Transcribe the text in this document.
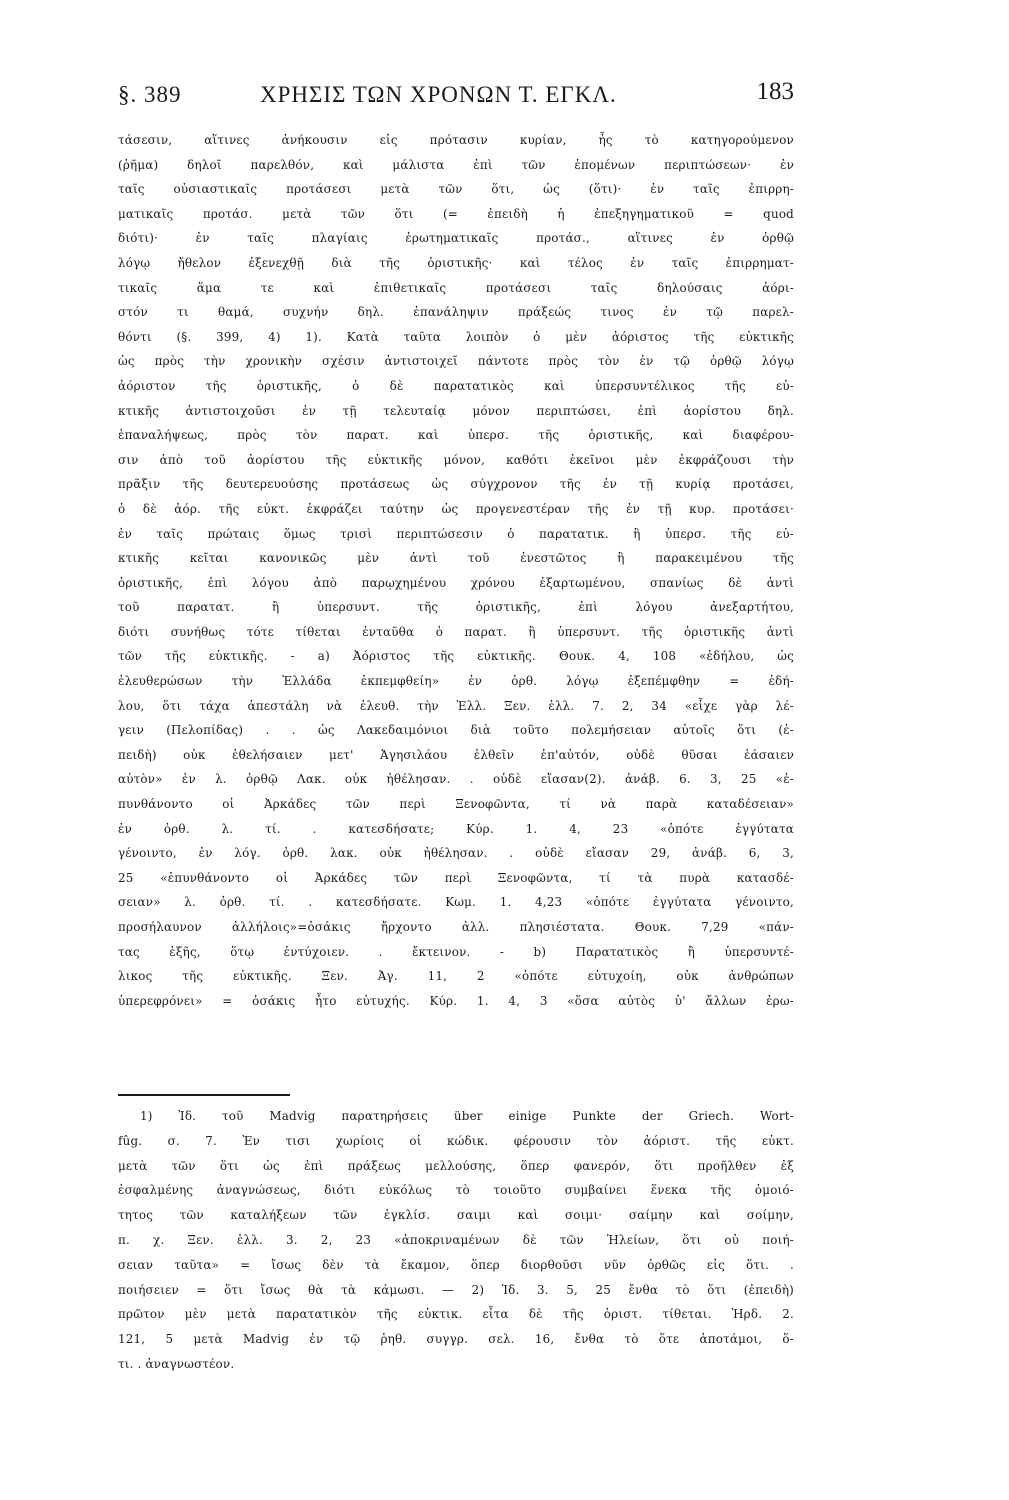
§. 389	ΧΡΗΣΙΣ ΤΩΝ ΧΡΟΝΩΝ Τ. ΕΓΚΛ.	183
τάσεσιν, αἵτινες ἀνήκουσιν εἰς πρότασιν κυρίαν, ἧς τὸ κατηγορούμενον
(ῥῆμα) δηλοῖ παρελθόν, καὶ μάλιστα ἐπὶ τῶν ἑπομένων περιπτώσεων· ἐν
ταῖς οὐσιαστικαῖς προτάσεσι μετὰ τῶν ὅτι, ὡς (ὅτι)· ἐν ταῖς ἐπιρρη-
ματικαῖς προτάσ. μετὰ τῶν ὅτι (= ἐπειδὴ ἡ ἐπεξηγηματικοῦ = quod
διότι)· ἐν ταῖς πλαγίαις ἐρωτηματικαῖς προτάσ., αἵτινες ἐν ὀρθῷ
λόγῳ ἤθελον ἐξενεχθῇ διὰ τῆς ὁριστικῆς· καὶ τέλος ἐν ταῖς ἐπιρρηματ-
τικαῖς ἅμα τε καὶ ἐπιθετικαῖς προτάσεσι ταῖς δηλούσαις ἀόρι-
στόν τι θαμά, συχνήν δηλ. ἐπανάληψιν πράξεώς τινος ἐν τῷ παρελ-
θόντι (§. 399, 4) 1). Κατὰ ταῦτα λοιπὸν ὁ μὲν ἀόριστος τῆς εὐκτικῆς
ὡς πρὸς τὴν χρονικὴν σχέσιν ἀντιστοιχεῖ πάντοτε πρὸς τὸν ἐν τῷ ὀρθῷ λόγῳ
ἀόριστον τῆς ὁριστικῆς, ὁ δὲ παρατατικὸς καὶ ὑπερσυντέλικος τῆς εὐ-
κτικῆς ἀντιστοιχοῦσι ἐν τῇ τελευταίᾳ μόνον περιπτώσει, ἐπὶ ἀορίστου δηλ.
ἐπαναλήψεως, πρὸς τὸν παρατ. καὶ ὑπερσ. τῆς ὁριστικῆς, καὶ διαφέρου-
σιν ἀπὸ τοῦ ἀορίστου τῆς εὐκτικῆς μόνον, καθότι ἐκεῖνοι μὲν ἐκφράζουσι τὴν
πρᾶξιν τῆς δευτερευούσης προτάσεως ὡς σύγχρονον τῆς ἐν τῇ κυρίᾳ προτάσει,
ὁ δὲ ἀόρ. τῆς εὐκτ. ἐκφράζει ταύτην ὡς προγενεστέραν τῆς ἐν τῇ κυρ. προτάσει·
ἐν ταῖς πρώταις ὅμως τρισὶ περιπτώσεσιν ὁ παρατατικ. ἢ ὑπερσ. τῆς εὐ-
κτικῆς κεῖται κανονικῶς μὲν ἀντὶ τοῦ ἐνεστῶτος ἢ παρακειμένου τῆς
ὁριστικῆς, ἐπὶ λόγου ἀπὸ παρῳχημένου χρόνου ἐξαρτωμένου, σπανίως δὲ ἀντὶ
τοῦ παρατατ. ἢ ὑπερσυντ. τῆς ὁριστικῆς, ἐπὶ λόγου ἀνεξαρτήτου,
διότι συνήθως τότε τίθεται ἐνταῦθα ὁ παρατ. ἢ ὑπερσυντ. τῆς ὁριστικῆς ἀντὶ
τῶν τῆς εὐκτικῆς. - a) Ἀόριστος τῆς εὐκτικῆς. Θουκ. 4, 108 «ἐδήλου, ὡς
ἐλευθερώσων τὴν Ἑλλάδα ἐκπεμφθείη» ἐν ὀρθ. λόγῳ ἐξεπέμφθην = ἐδή-
λου, ὅτι τάχα ἀπεστάλη νὰ ἐλευθ. τὴν Ἑλλ. Ξεν. ἑλλ. 7. 2, 34 «εἶχε γὰρ λέ-
γειν (Πελοπίδας) . . ὡς Λακεδαιμόνιοι διὰ τοῦτο πολεμήσειαν αὐτοῖς ὅτι (ἐ-
πειδὴ) οὐκ ἐθελήσαιεν μετ' Ἀγησιλάου ἐλθεῖν ἐπ'αὐτόν, οὐδὲ θῦσαι ἐάσαιεν
αὐτὸν» ἐν λ. ὀρθῷ Λακ. οὐκ ἠθέλησαν. . οὐδὲ εἴασαν(2). ἀνάβ. 6. 3, 25 «ἐ-
πυνθάνοντο οἱ Ἀρκάδες τῶν περὶ Ξενοφῶντα, τί νὰ παρὰ καταδέσειαν»
ἐν ὀρθ. λ. τί. . κατεσδήσατε; Κύρ. 1. 4, 23 «ὁπότε ἐγγύτατα
γένοιντο, ἐν λόγ. ὀρθ. λακ. οὐκ ἠθέλησαν. . οὐδὲ εἴασαν 29, ἀνάβ. 6, 3,
25 «ἐπυνθάνοντο οἱ Ἀρκάδες τῶν περὶ Ξενοφῶντα, τί τὰ πυρὰ κατασδέ-
σειαν» λ. ὀρθ. τί. . κατεσδήσατε. Κωμ. 1. 4,23 «ὁπότε ἐγγύτατα γένοιντο,
προσήλαυνον ἀλλήλοις»=ὁσάκις ἤρχοντο ἀλλ. πλησιέστατα. Θουκ. 7,29 «πάν-
τας ἑξῆς, ὅτῳ ἐντύχοιεν. . ἔκτεινον. - b) Παρατατικὸς ἢ ὑπερσυντέ-
λικος τῆς εὐκτικῆς. Ξεν. Ἀγ. 11, 2 «ὁπότε εὐτυχοίη, οὐκ ἀνθρώπων
ὑπερεφρόνει» = ὁσάκις ἦτο εὐτυχής. Κύρ. 1. 4, 3 «ὅσα αὐτὸς ὑ' ἄλλων ἐρω-
1) Ἰδ. τοῦ Madvig παρατηρήσεις über einige Punkte der Griech. Wort-
fûg. σ. 7. Ἐν τισι χωρίοις οἱ κώδικ. φέρουσιν τὸν ἀόριστ. τῆς εὐκτ.
μετὰ τῶν ὅτι ὡς ἐπὶ πράξεως μελλούσης, ὅπερ φανερόν, ὅτι προῆλθεν ἐξ
ἐσφαλμένης ἀναγνώσεως, διότι εὐκόλως τὸ τοιοῦτο συμβαίνει ἕνεκα τῆς ὁμοιό-
τητος τῶν καταλήξεων τῶν ἐγκλίσ. σαιμι καὶ σοιμι· σαίμην καὶ σοίμην,
π. χ. Ξεν. ἑλλ. 3. 2, 23 «ἀποκριναμένων δὲ τῶν Ἠλείων, ὅτι οὐ ποιή-
σειαν ταῦτα» = ἴσως δὲν τὰ ἔκαμον, ὅπερ διορθοῦσι νῦν ὀρθῶς εἰς ὅτι. .
ποιήσειεν = ὅτι ἴσως θὰ τὰ κάμωσι. — 2) Ἰδ. 3. 5, 25 ἔνθα τὸ ὅτι (ἐπειδὴ)
πρῶτον μὲν μετὰ παρατατικὸν τῆς εὐκτικ. εἶτα δὲ τῆς ὁριστ. τίθεται. Ἠρδ. 2.
121, 5 μετὰ Madvig ἐν τῷ ῥηθ. συγγρ. σελ. 16, ἔνθα τὸ ὅτε ἀποτάμοι, ὅ-
τι. . ἀναγνωστέον.
